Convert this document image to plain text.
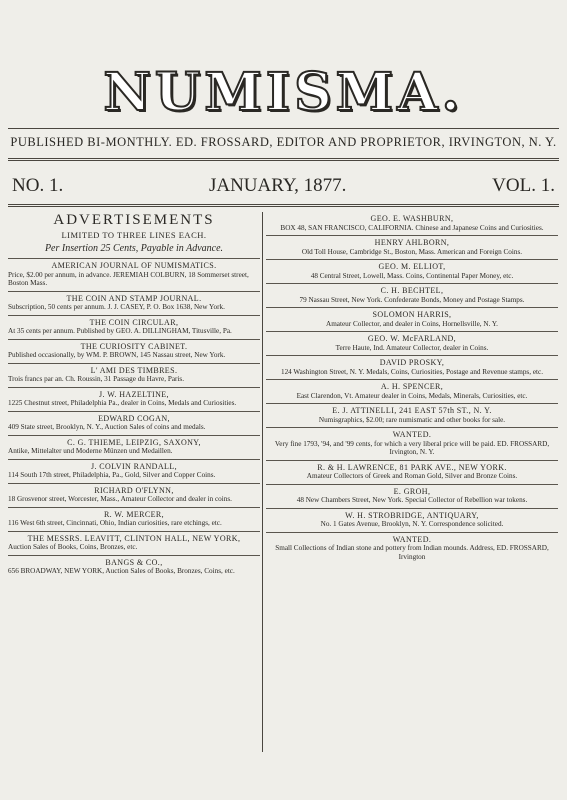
NUMISMA.
PUBLISHED BI-MONTHLY. ED. FROSSARD, EDITOR AND PROPRIETOR, IRVINGTON, N. Y.
NO. 1.	JANUARY, 1877.	VOL. 1.
ADVERTISEMENTS
LIMITED TO THREE LINES EACH.
Per Insertion 25 Cents, Payable in Advance.
AMERICAN JOURNAL OF NUMISMATICS.
Price, $2.00 per annum, in advance. JEREMIAH COLBURN, 18 Sommerset street, Boston Mass.
THE COIN AND STAMP JOURNAL.
Subscription, 50 cents per annum. J. J. CASEY, P. O. Box 1638, New York.
THE COIN CIRCULAR,
At 35 cents per annum. Published by GEO. A. DILLINGHAM, Titusville, Pa.
THE CURIOSITY CABINET.
Published occasionally, by WM. P. BROWN, 145 Nassau street, New York.
L' AMI DES TIMBRES.
Trois francs par an. Ch. Roussin, 31 Passage du Havre, Paris.
J. W. HAZELTINE,
1225 Chestnut street, Philadelphia Pa., dealer in Coins, Medals and Curiosities.
EDWARD COGAN,
409 State street, Brooklyn, N. Y., Auction Sales of coins and medals.
C. G. THIEME, LEIPZIG, SAXONY,
Antike, Mittelalter und Moderne Münzen und Medaillen.
J. COLVIN RANDALL,
114 South 17th street, Philadelphia, Pa., Gold, Silver and Copper Coins.
RICHARD O'FLYNN,
18 Grosvenor street, Worcester, Mass., Amateur Collector and dealer in coins.
R. W. MERCER,
116 West 6th street, Cincinnati, Ohio, Indian curiosities, rare etchings, etc.
THE MESSRS. LEAVITT, CLINTON HALL, NEW YORK,
Auction Sales of Books, Coins, Bronzes, etc.
BANGS & CO.,
656 BROADWAY, NEW YORK, Auction Sales of Books, Bronzes, Coins, etc.
GEO. E. WASHBURN,
BOX 48, SAN FRANCISCO, CALIFORNIA. Chinese and Japanese Coins and Curiosities.
HENRY AHLBORN,
Old Toll House, Cambridge St., Boston, Mass. American and Foreign Coins.
GEO. M. ELLIOT,
48 Central Street, Lowell, Mass. Coins, Continental Paper Money, etc.
C. H. BECHTEL,
79 Nassau Street, New York. Confederate Bonds, Money and Postage Stamps.
SOLOMON HARRIS,
Amateur Collector, and dealer in Coins, Hornellsville, N. Y.
GEO. W. McFARLAND,
Terre Haute, Ind. Amateur Collector, dealer in Coins.
DAVID PROSKY,
124 Washington Street, N. Y. Medals, Coins, Curiosities, Postage and Revenue stamps, etc.
A. H. SPENCER,
East Clarendon, Vt. Amateur dealer in Coins, Medals, Minerals, Curiosities, etc.
E. J. ATTINELLI, 241 EAST 57th ST., N. Y.
Numisgraphics, $2.00; rare numismatic and other books for sale.
WANTED.
Very fine 1793, '94, and '99 cents, for which a very liberal price will be paid. ED. FROSSARD, Irvington, N. Y.
R. & H. LAWRENCE, 81 PARK AVE., NEW YORK.
Amateur Collectors of Greek and Roman Gold, Silver and Bronze Coins.
E. GROH,
48 New Chambers Street, New York. Special Collector of Rebellion war tokens.
W. H. STROBRIDGE, ANTIQUARY,
No. 1 Gates Avenue, Brooklyn, N. Y. Correspondence solicited.
WANTED.
Small Collections of Indian stone and pottery from Indian mounds. Address, ED. FROSSARD, Irvington
